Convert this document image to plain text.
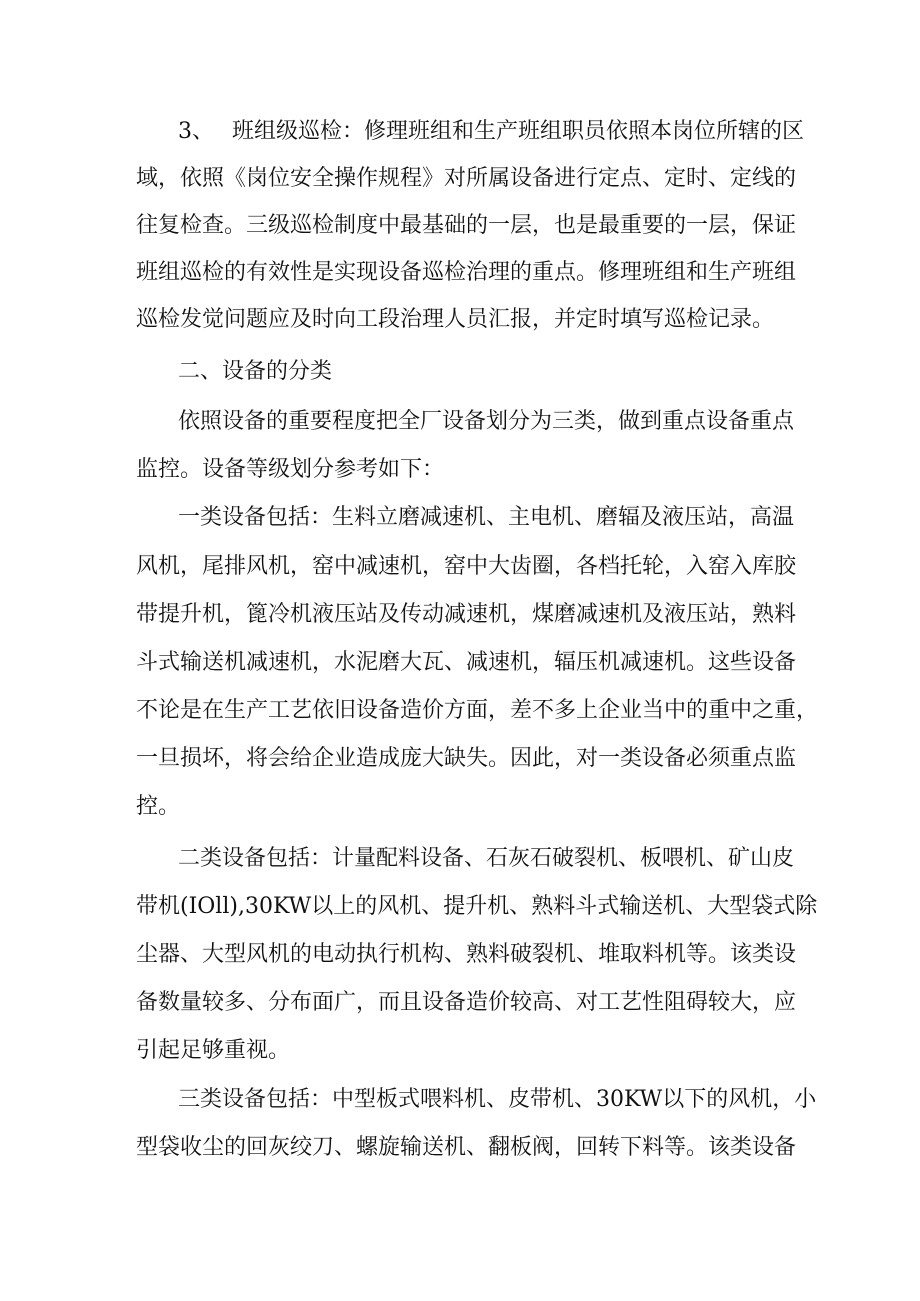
3、　 班组级巡检：修理班组和生产班组职员依照本岗位所辖的区
域，依照《岗位安全操作规程》对所属设备进行定点、定时、定线的
往复检查。三级巡检制度中最基础的一层，也是最重要的一层，保证
班组巡检的有效性是实现设备巡检治理的重点。修理班组和生产班组
巡检发觉问题应及时向工段治理人员汇报，并定时填写巡检记录。
二、设备的分类
依照设备的重要程度把全厂设备划分为三类，做到重点设备重点
监控。设备等级划分参考如下：
一类设备包括：生料立磨减速机、主电机、磨辐及液压站，高温
风机，尾排风机，窑中减速机，窑中大齿圈，各档托轮，入窑入库胶
带提升机，篦冷机液压站及传动减速机，煤磨减速机及液压站，熟料
斗式输送机减速机，水泥磨大瓦、减速机，辐压机减速机。这些设备
不论是在生产工艺依旧设备造价方面，差不多上企业当中的重中之重，
一旦损坏，将会给企业造成庞大缺失。因此，对一类设备必须重点监
控。
二类设备包括：计量配料设备、石灰石破裂机、板喂机、矿山皮
带机(IOll),30KW以上的风机、提升机、熟料斗式输送机、大型袋式除
尘器、大型风机的电动执行机构、熟料破裂机、堆取料机等。该类设
备数量较多、分布面广，而且设备造价较高、对工艺性阻碍较大，应
引起足够重视。
三类设备包括：中型板式喂料机、皮带机、30KW以下的风机，小
型袋收尘的回灰绞刀、螺旋输送机、翻板阀，回转下料等。该类设备
